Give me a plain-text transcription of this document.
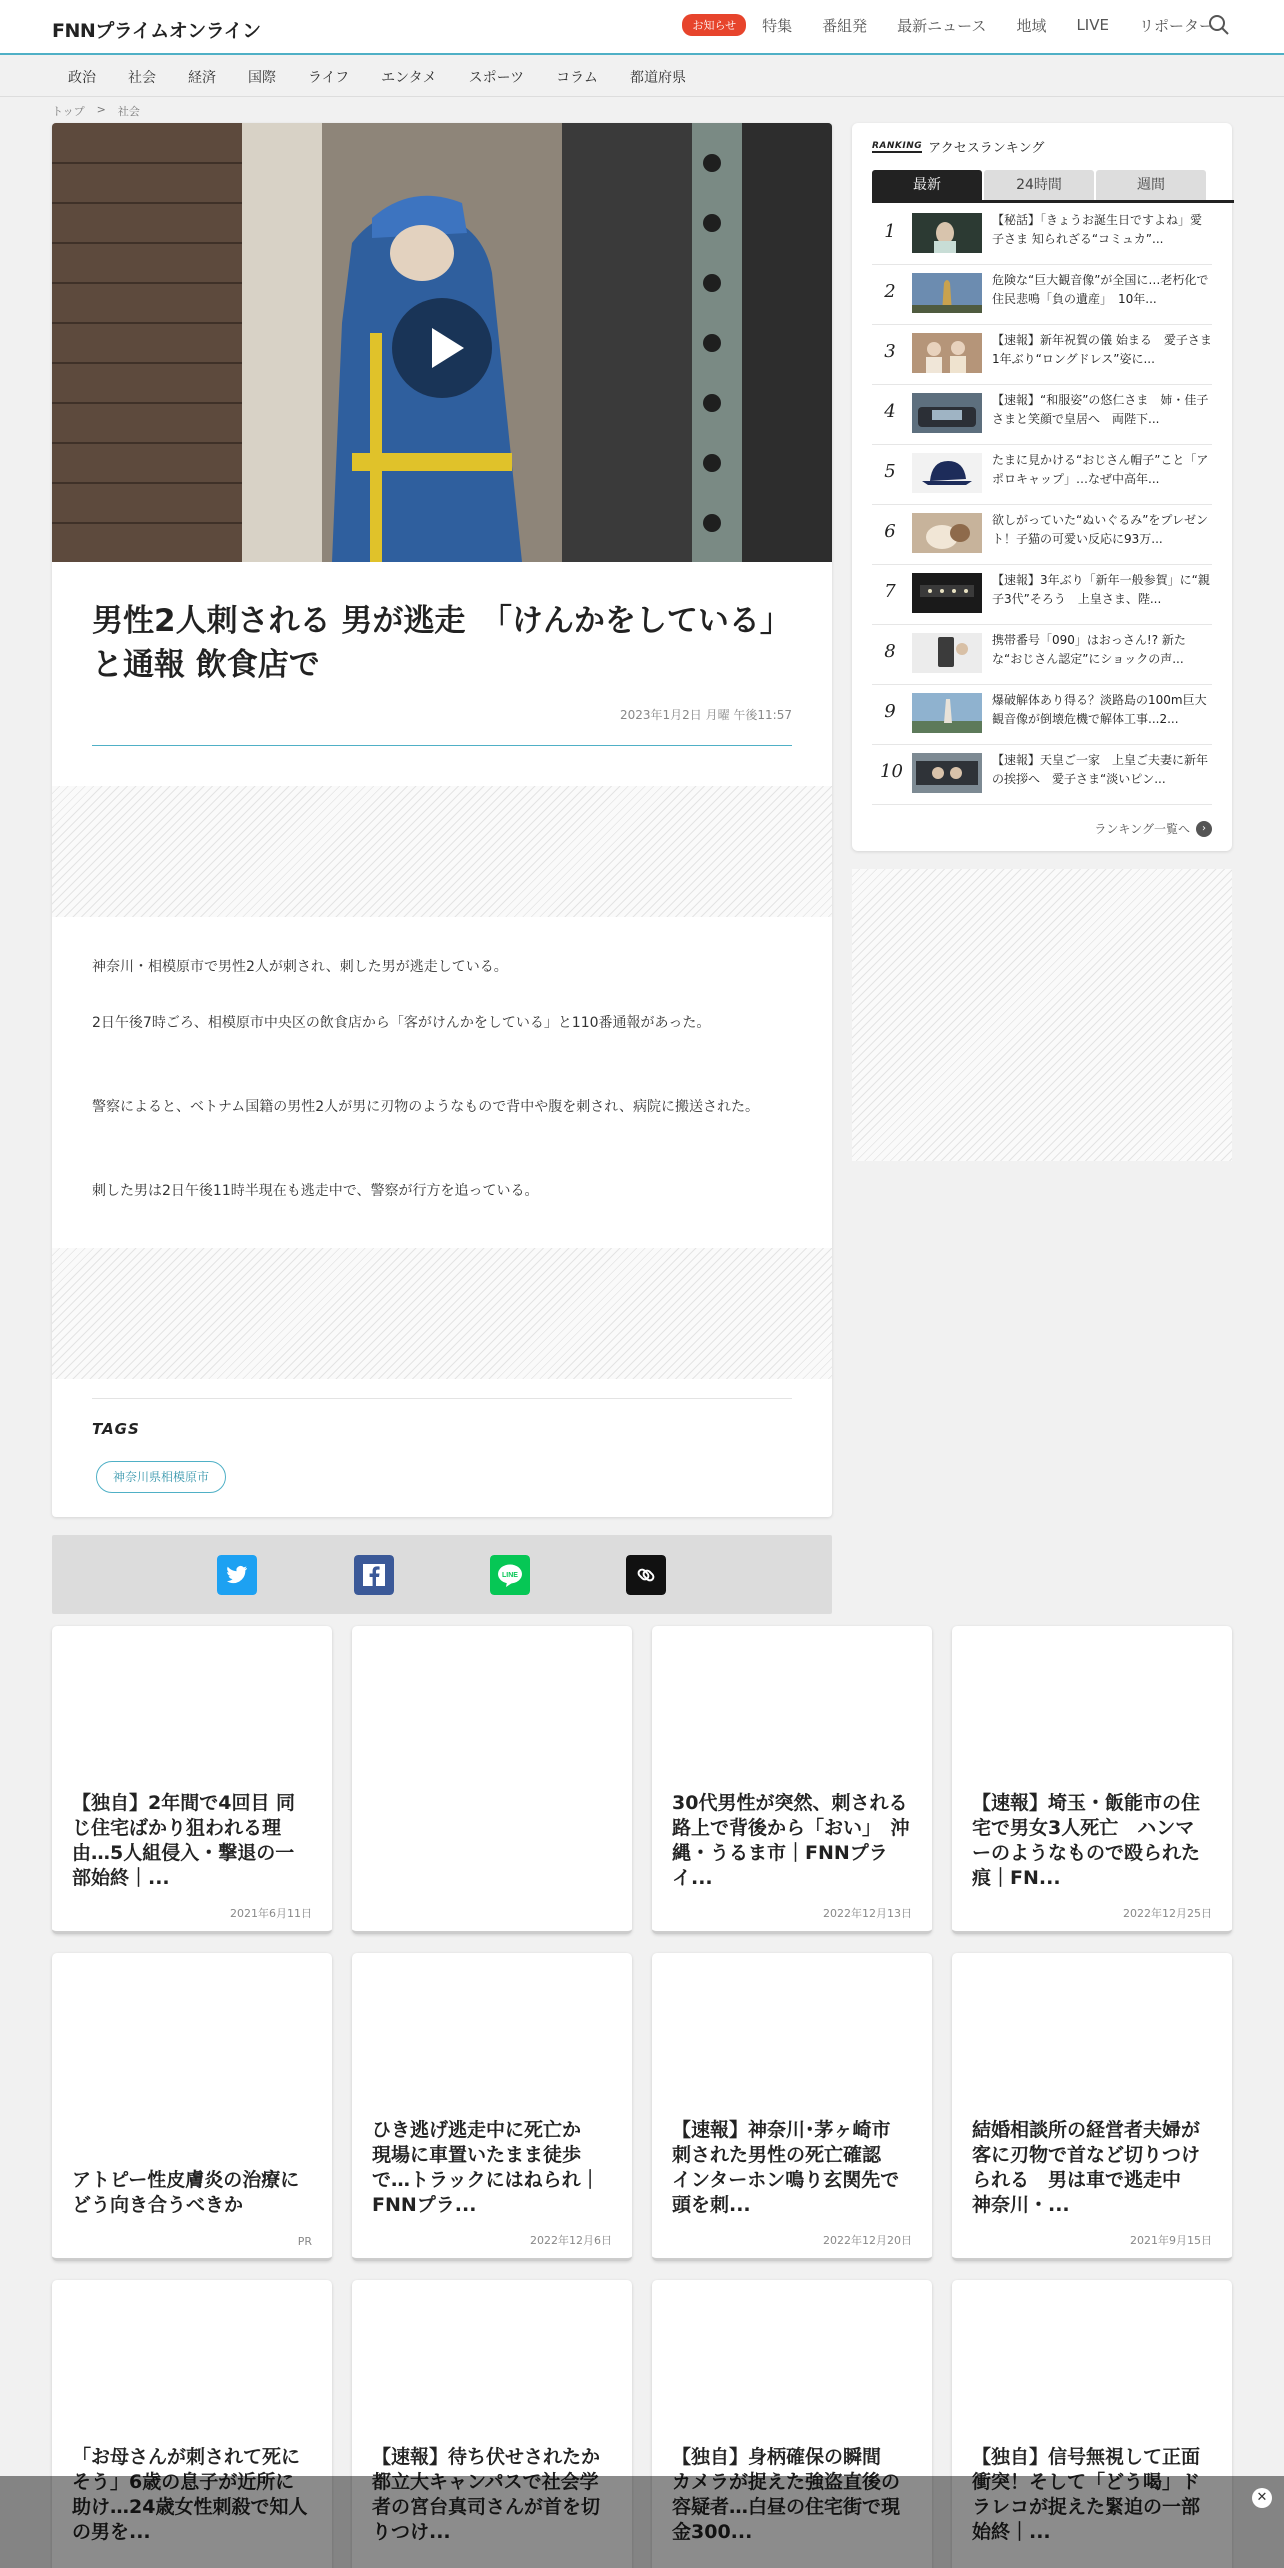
FNNプライムオンライン	お知らせ	特集 番組発 最新ニュース 地域 LIVE リポーター
政治	社会	経済	国際	ライフ	エンタメ	スポーツ	コラム	都道府県
トップ > 社会
男性2人刺される 男が逃走　「けんかをしている」と通報 飲食店で
2023年1月2日 月曜 午後11:57

神奈川・相模原市で男性2人が刺され、刺した男が逃走している。

2日午後7時ごろ、相模原市中央区の飲食店から「客がけんかをしている」と110番通報があった。

警察によると、ベトナム国籍の男性2人が男に刃物のようなもので背中や腹を刺され、病院に搬送された。

刺した男は2日午後11時半現在も逃走中で、警察が行方を追っている。

TAGS
神奈川県相模原市
LINE
RANKING アクセスランキング
最新	24時間	週間
1
【秘話】「きょうお誕生日ですよね」愛子さま 知られざる“コミュカ”...
2
危険な“巨大観音像”が全国に…老朽化で住民悲鳴「負の遺産」　10年...
3
【速報】新年祝賀の儀 始まる　愛子さま1年ぶり“ロングドレス”姿に...
4
【速報】“和服姿”の悠仁さま　姉・佳子さまと笑顔で皇居へ　両陛下...
5
たまに見かける“おじさん帽子”こと「アポロキャップ」…なぜ中高年...
6
欲しがっていた“ぬいぐるみ”をプレゼント！子猫の可愛い反応に93万...
7
【速報】3年ぶり「新年一般参賀」に“親子3代”そろう　上皇さま、陛...
8
携帯番号「090」はおっさん!? 新たな“おじさん認定”にショックの声...
9
爆破解体あり得る？淡路島の100m巨大観音像が倒壊危機で解体工事...2...
10
【速報】天皇ご一家　上皇ご夫妻に新年の挨拶へ　愛子さま“淡いピン...
ランキング一覧へ	›
【独自】2年間で4回目 同じ住宅ばかり狙われる理由…5人組侵入・撃退の一部始終｜...
2021年6月11日
30代男性が突然、刺される　路上で背後から「おい」　沖縄・うるま市｜FNNプライ...
2022年12月13日
【速報】埼玉・飯能市の住宅で男女3人死亡　ハンマーのようなもので殴られた痕｜FN...
2022年12月25日
アトピー性皮膚炎の治療にどう向き合うべきか
PR
ひき逃げ逃走中に死亡か　現場に車置いたまま徒歩で…トラックにはねられ｜FNNプラ...
2022年12月6日
【速報】神奈川･茅ヶ崎市　刺された男性の死亡確認　インターホン鳴り玄関先で頭を刺...
2022年12月20日
結婚相談所の経営者夫婦が客に刃物で首など切りつけられる　男は車で逃走中　神奈川・...
2021年9月15日
「お母さんが刺されて死にそう」6歳の息子が近所に助け…24歳女性刺殺で知人の男を...
【速報】待ち伏せされたか　都立大キャンパスで社会学者の宮台真司さんが首を切りつけ...
【独自】身柄確保の瞬間　カメラが捉えた強盗直後の容疑者…白昼の住宅街で現金300...
【独自】信号無視して正面衝突！そして「どう喝」ドラレコが捉えた緊迫の一部始終｜...
✕
